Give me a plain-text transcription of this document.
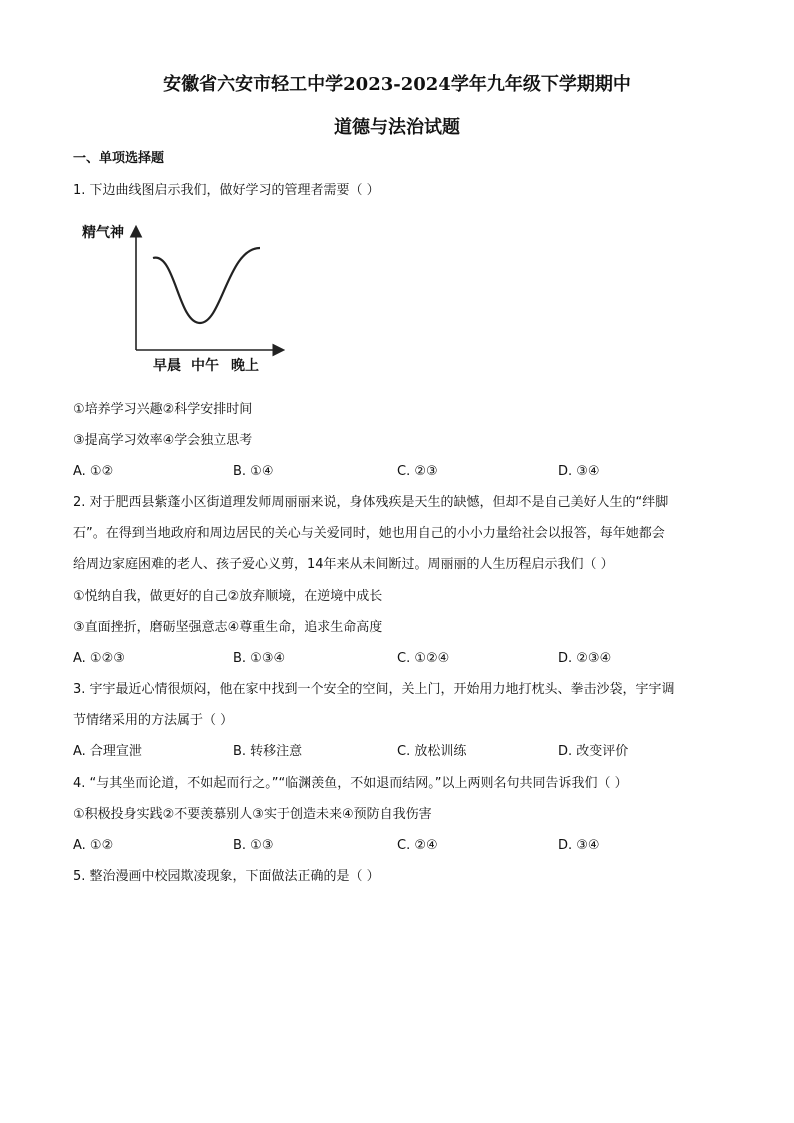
安徽省六安市轻工中学2023-2024学年九年级下学期期中
道德与法治试题
一、单项选择题
1. 下边曲线图启示我们，做好学习的管理者需要（ ）
精气神
早晨 中午 晚上
①培养学习兴趣②科学安排时间
③提高学习效率④学会独立思考
A. ①②	B. ①④	C. ②③	D. ③④
2. 对于肥西县紫蓬小区街道理发师周丽丽来说，身体残疾是天生的缺憾，但却不是自己美好人生的“绊脚
石”。在得到当地政府和周边居民的关心与关爱同时，她也用自己的小小力量给社会以报答，每年她都会
给周边家庭困难的老人、孩子爱心义剪，14年来从未间断过。周丽丽的人生历程启示我们（ ）
①悦纳自我，做更好的自己②放弃顺境，在逆境中成长
③直面挫折，磨砺坚强意志④尊重生命，追求生命高度
A. ①②③	B. ①③④	C. ①②④	D. ②③④
3. 宇宇最近心情很烦闷，他在家中找到一个安全的空间，关上门，开始用力地打枕头、拳击沙袋，宇宇调
节情绪采用的方法属于（ ）
A. 合理宣泄	B. 转移注意	C. 放松训练	D. 改变评价
4. “与其坐而论道，不如起而行之。”“临渊羡鱼，不如退而结网。”以上两则名句共同告诉我们（ ）
①积极投身实践②不要羡慕别人③实于创造未来④预防自我伤害
A. ①②	B. ①③	C. ②④	D. ③④
5. 整治漫画中校园欺凌现象，下面做法正确的是（ ）
